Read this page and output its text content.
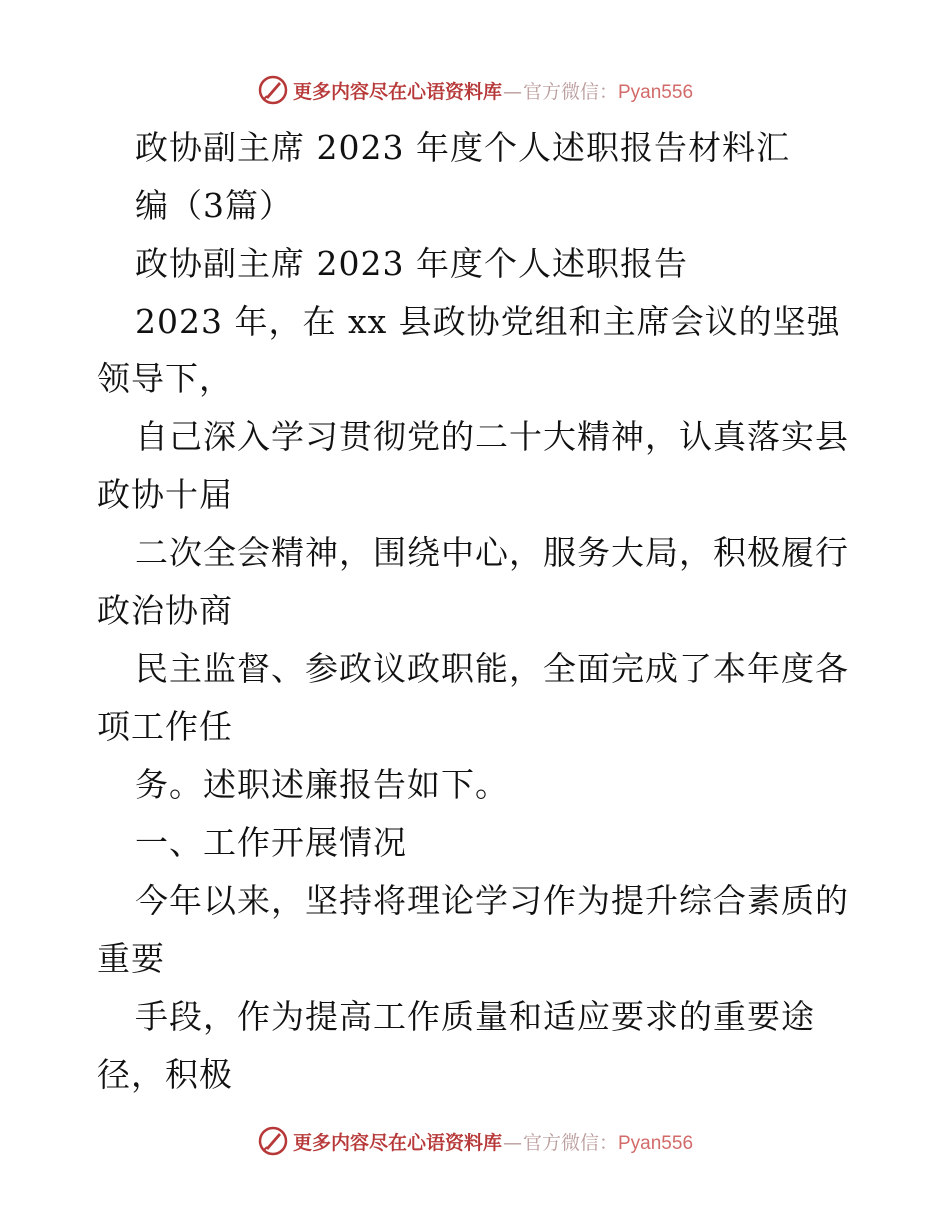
更多内容尽在心语资料库—官方微信：Pyan556
政协副主席 2023 年度个人述职报告材料汇
编（3篇）
政协副主席 2023 年度个人述职报告
2023 年，在 xx 县政协党组和主席会议的坚强
领导下，
自己深入学习贯彻党的二十大精神，认真落实县
政协十届
二次全会精神，围绕中心，服务大局，积极履行
政治协商
民主监督、参政议政职能，全面完成了本年度各
项工作任
务。述职述廉报告如下。
一、工作开展情况
今年以来，坚持将理论学习作为提升综合素质的
重要
手段，作为提高工作质量和适应要求的重要途
径，积极
更多内容尽在心语资料库—官方微信：Pyan556
